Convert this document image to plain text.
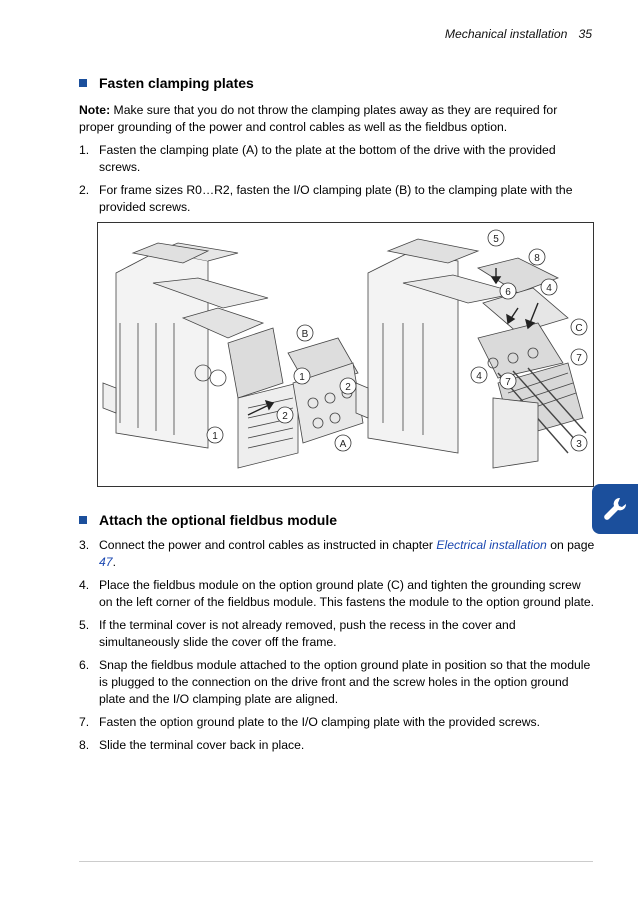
Mechanical installation 35
Fasten clamping plates

Note: Make sure that you do not throw the clamping plates away as they are required for proper grounding of the power and control cables as well as the fieldbus option.

1. Fasten the clamping plate (A) to the plate at the bottom of the drive with the provided screws.
2. For frame sizes R0…R2, fasten the I/O clamping plate (B) to the clamping plate with the provided screws.
B
1
2
2
1
A
5
8
6	4
C
7
4
7
3
Attach the optional fieldbus module
3. Connect the power and control cables as instructed in chapter Electrical installation on page 47.
4. Place the fieldbus module on the option ground plate (C) and tighten the grounding screw on the left corner of the fieldbus module. This fastens the module to the option ground plate.
5. If the terminal cover is not already removed, push the recess in the cover and simultaneously slide the cover off the frame.
6. Snap the fieldbus module attached to the option ground plate in position so that the module is plugged to the connection on the drive front and the screw holes in the option ground plate and the I/O clamping plate are aligned.
7. Fasten the option ground plate to the I/O clamping plate with the provided screws.
8. Slide the terminal cover back in place.
